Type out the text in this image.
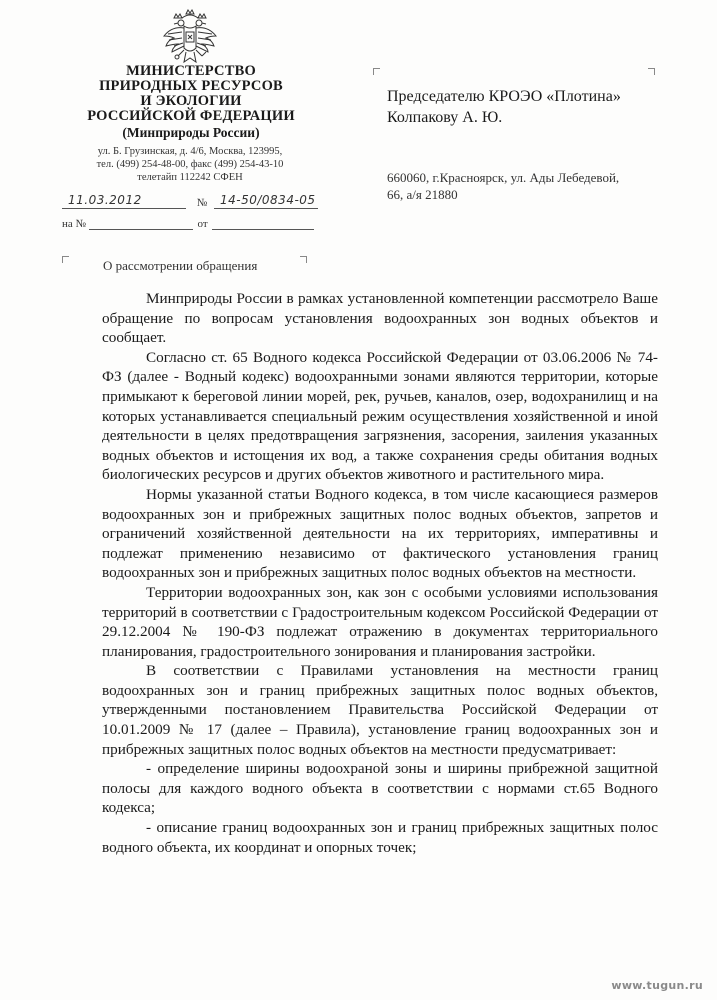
МИНИСТЕРСТВО
ПРИРОДНЫХ РЕСУРСОВ
И ЭКОЛОГИИ
РОССИЙСКОЙ ФЕДЕРАЦИИ
(Минприроды России)
ул. Б. Грузинская, д. 4/6, Москва, 123995,
тел. (499) 254-48-00, факс (499) 254-43-10
телетайп 112242 СФЕН
11.03.2012	№ 14-50/0834-05
на №	от
Председателю КРОЭО «Плотина»
Колпакову А. Ю.
660060, г.Красноярск, ул. Ады Лебедевой,
66, а/я 21880
О рассмотрении обращения

Минприроды России в рамках установленной компетенции рассмотрело Ваше обращение по вопросам установления водоохранных зон водных объектов и сообщает.

Согласно ст. 65 Водного кодекса Российской Федерации от 03.06.2006 № 74-ФЗ (далее - Водный кодекс) водоохранными зонами являются территории, которые примыкают к береговой линии морей, рек, ручьев, каналов, озер, водохранилищ и на которых устанавливается специальный режим осуществления хозяйственной и иной деятельности в целях предотвращения загрязнения, засорения, заиления указанных водных объектов и истощения их вод, а также сохранения среды обитания водных биологических ресурсов и других объектов животного и растительного мира.

Нормы указанной статьи Водного кодекса, в том числе касающиеся размеров водоохранных зон и прибрежных защитных полос водных объектов, запретов и ограничений хозяйственной деятельности на их территориях, императивны и подлежат применению независимо от фактического установления границ водоохранных зон и прибрежных защитных полос водных объектов на местности.

Территории водоохранных зон, как зон с особыми условиями использования территорий в соответствии с Градостроительным кодексом Российской Федерации от 29.12.2004 № 190-ФЗ подлежат отражению в документах территориального планирования, градостроительного зонирования и планирования застройки.

В соответствии с Правилами установления на местности границ водоохранных зон и границ прибрежных защитных полос водных объектов, утвержденными постановлением Правительства Российской Федерации от 10.01.2009 № 17 (далее – Правила), установление границ водоохранных зон и прибрежных защитных полос водных объектов на местности предусматривает:

- определение ширины водоохраной зоны и ширины прибрежной защитной полосы для каждого водного объекта в соответствии с нормами ст.65 Водного кодекса;

- описание границ водоохранных зон и границ прибрежных защитных полос водного объекта, их координат и опорных точек;

www.tugun.ru
